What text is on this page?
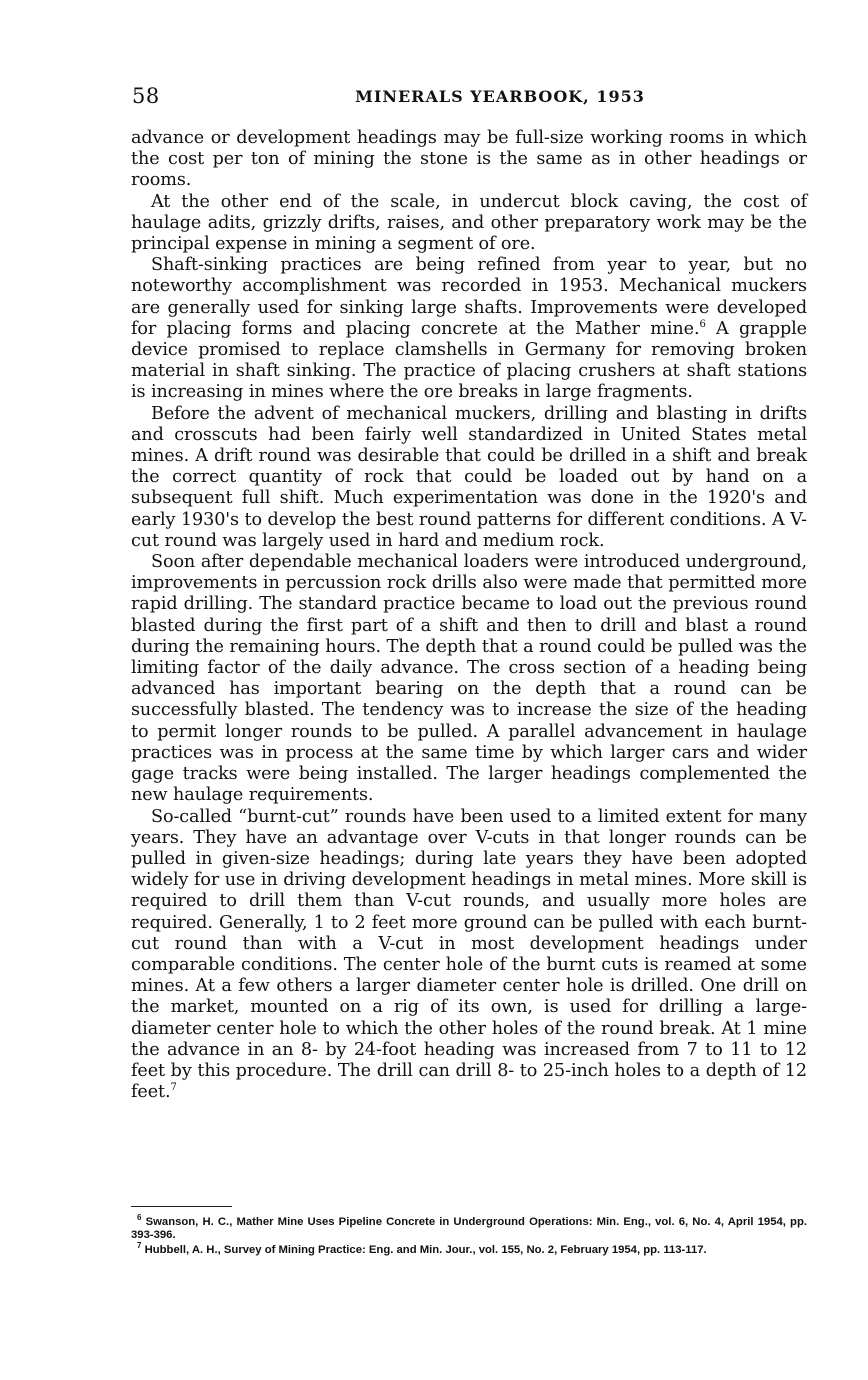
58	MINERALS YEARBOOK, 1953

advance or development headings may be full-size working rooms in which the cost per ton of mining the stone is the same as in other headings or rooms.

At the other end of the scale, in undercut block caving, the cost of haulage adits, grizzly drifts, raises, and other preparatory work may be the principal expense in mining a segment of ore.

Shaft-sinking practices are being refined from year to year, but no noteworthy accomplishment was recorded in 1953. Mechanical muckers are generally used for sinking large shafts. Improvements were developed for placing forms and placing concrete at the Mather mine.$^6$ A grapple device promised to replace clamshells in Germany for removing broken material in shaft sinking. The practice of placing crushers at shaft stations is increasing in mines where the ore breaks in large fragments.

Before the advent of mechanical muckers, drilling and blasting in drifts and crosscuts had been fairly well standardized in United States metal mines. A drift round was desirable that could be drilled in a shift and break the correct quantity of rock that could be loaded out by hand on a subsequent full shift. Much experimentation was done in the 1920's and early 1930's to develop the best round patterns for different conditions. A V-cut round was largely used in hard and medium rock.

Soon after dependable mechanical loaders were introduced underground, improvements in percussion rock drills also were made that permitted more rapid drilling. The standard practice became to load out the previous round blasted during the first part of a shift and then to drill and blast a round during the remaining hours. The depth that a round could be pulled was the limiting factor of the daily advance. The cross section of a heading being advanced has important bearing on the depth that a round can be successfully blasted. The tendency was to increase the size of the heading to permit longer rounds to be pulled. A parallel advancement in haulage practices was in process at the same time by which larger cars and wider gage tracks were being installed. The larger headings complemented the new haulage requirements.

So-called “burnt-cut” rounds have been used to a limited extent for many years. They have an advantage over V-cuts in that longer rounds can be pulled in given-size headings; during late years they have been adopted widely for use in driving development headings in metal mines. More skill is required to drill them than V-cut rounds, and usually more holes are required. Generally, 1 to 2 feet more ground can be pulled with each burnt-cut round than with a V-cut in most development headings under comparable conditions. The center hole of the burnt cuts is reamed at some mines. At a few others a larger diameter center hole is drilled. One drill on the market, mounted on a rig of its own, is used for drilling a large-diameter center hole to which the other holes of the round break. At 1 mine the advance in an 8- by 24-foot heading was increased from 7 to 11 to 12 feet by this procedure. The drill can drill 8- to 25-inch holes to a depth of 12 feet.$^7$

$^6$ Swanson, H. C., Mather Mine Uses Pipeline Concrete in Underground Operations: Min. Eng., vol. 6, No. 4, April 1954, pp. 393-396.

$^7$ Hubbell, A. H., Survey of Mining Practice: Eng. and Min. Jour., vol. 155, No. 2, February 1954, pp. 113-117.
